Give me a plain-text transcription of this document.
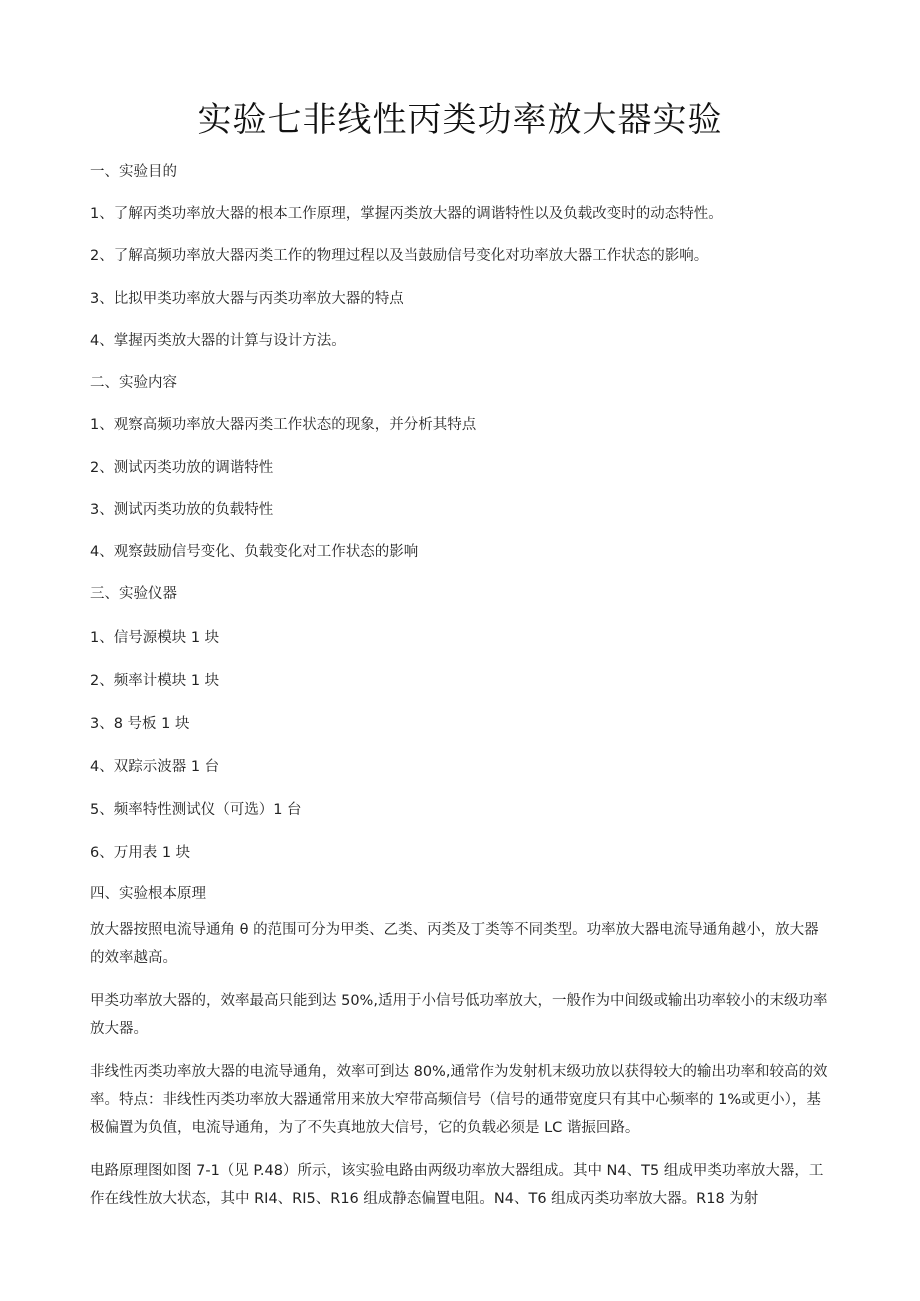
实验七非线性丙类功率放大器实验
一、实验目的
1、了解丙类功率放大器的根本工作原理，掌握丙类放大器的调谐特性以及负载改变时的动态特性。
2、了解高频功率放大器丙类工作的物理过程以及当鼓励信号变化对功率放大器工作状态的影响。
3、比拟甲类功率放大器与丙类功率放大器的特点
4、掌握丙类放大器的计算与设计方法。
二、实验内容
1、观察高频功率放大器丙类工作状态的现象，并分析其特点
2、测试丙类功放的调谐特性
3、测试丙类功放的负载特性
4、观察鼓励信号变化、负载变化对工作状态的影响
三、实验仪器
1、信号源模块 1 块
2、频率计模块 1 块
3、8 号板 1 块
4、双踪示波器 1 台
5、频率特性测试仪（可选）1 台
6、万用表 1 块
四、实验根本原理
放大器按照电流导通角 θ 的范围可分为甲类、乙类、丙类及丁类等不同类型。功率放大器电流导通角越小，放大器的效率越高。
甲类功率放大器的，效率最高只能到达 50%,适用于小信号低功率放大，一般作为中间级或输出功率较小的末级功率放大器。
非线性丙类功率放大器的电流导通角，效率可到达 80%,通常作为发射机末级功放以获得较大的输出功率和较高的效率。特点：非线性丙类功率放大器通常用来放大窄带高频信号（信号的通带宽度只有其中心频率的 1%或更小），基极偏置为负值，电流导通角，为了不失真地放大信号，它的负载必须是 LC 谐振回路。
电路原理图如图 7-1（见 P.48）所示，该实验电路由两级功率放大器组成。其中 N4、T5 组成甲类功率放大器，工作在线性放大状态，其中 RI4、RI5、R16 组成静态偏置电阻。N4、T6 组成丙类功率放大器。R18 为射
